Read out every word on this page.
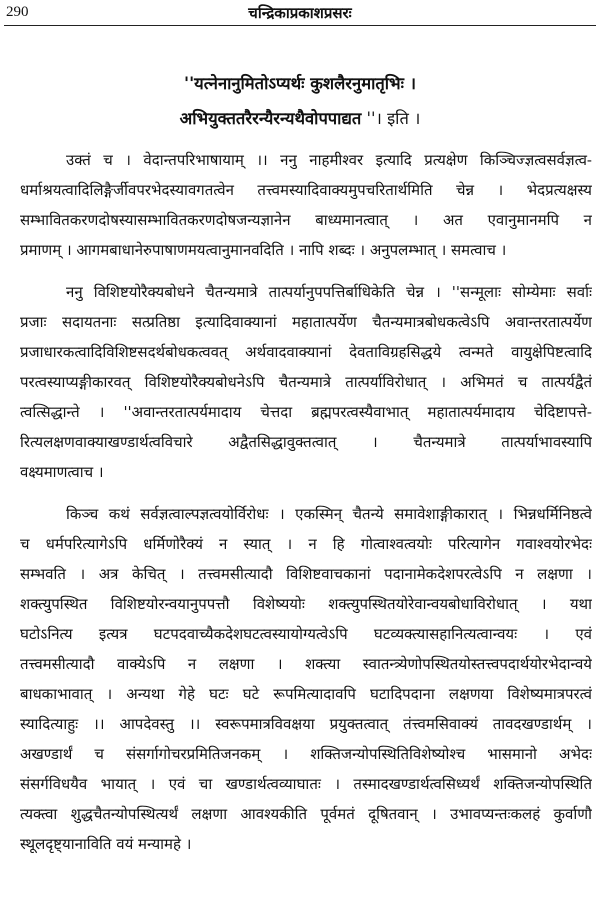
290	चन्द्रिकाप्रकाशप्रसरः
''यत्नेनानुमितोऽप्यर्थः कुशलैरनुमातृभिः ।
अभियुक्ततरैरन्यैरन्यथैवोपपाद्यत ''। इति ।
उक्तं च । वेदान्तपरिभाषायाम् ।। ननु नाहमीश्वर इत्यादि प्रत्यक्षेण किञ्चिज्ज्ञत्वसर्वज्ञत्व-
धर्माश्रयत्वादिलिङ्गैर्जीवपरभेदस्यावगतत्वेन तत्त्वमस्यादिवाक्यमुपचरितार्थमिति चेन्न । भेदप्रत्यक्षस्य
सम्भावितकरणदोषस्यासम्भावितकरणदोषजन्यज्ञानेन बाध्यमानत्वात् । अत एवानुमानमपि न
प्रमाणम् । आगमबाधानेरुपाषाणमयत्वानुमानवदिति । नापि शब्दः । अनुपलम्भात् । समत्वाच ।
ननु विशिष्टयोरैक्यबोधने चैतन्यमात्रे तात्पर्यानुपपत्तिर्बाधिकेति चेन्न । ''सन्मूलाः सोम्येमाः सर्वाः
प्रजाः सदायतनाः सत्प्रतिष्ठा इत्यादिवाक्यानां महातात्पर्येण चैतन्यमात्रबोधकत्वेऽपि अवान्तरतात्पर्येण
प्रजाधारकत्वादिविशिष्टसदर्थबोधकत्ववत् अर्थवादवाक्यानां देवताविग्रहसिद्धये त्वन्मते वायुक्षेपिष्टत्वादि
परत्वस्याप्यङ्गीकारवत् विशिष्टयोरैक्यबोधनेऽपि चैतन्यमात्रे तात्पर्याविरोधात् । अभिमतं च तात्पर्यद्वैतं
त्वत्सिद्धान्ते । ''अवान्तरतात्पर्यमादाय चेत्तदा ब्रह्मपरत्वस्यैवाभात् महातात्पर्यमादाय चेदिष्टापत्ते-
रित्यलक्षणवाक्याखण्डार्थत्वविचारे अद्वैतसिद्धावुक्तत्वात् । चैतन्यमात्रे तात्पर्याभावस्यापि
वक्ष्यमाणत्वाच ।
किञ्च कथं सर्वज्ञत्वाल्पज्ञत्वयोर्विरोधः । एकस्मिन् चैतन्ये समावेशाङ्गीकारात् । भिन्नधर्मिनिष्ठत्वे
च धर्मपरित्यागेऽपि धर्मिणोरैक्यं न स्यात् । न हि गोत्वाश्वत्वयोः परित्यागेन गवाश्वयोरभेदः
सम्भवति । अत्र केचित् । तत्त्वमसीत्यादौ विशिष्टवाचकानां पदानामेकदेशपरत्वेऽपि न लक्षणा ।
शक्त्युपस्थित विशिष्टयोरन्वयानुपपत्तौ विशेष्ययोः शक्त्युपस्थितयोरेवान्वयबोधाविरोधात् । यथा
घटोऽनित्य इत्यत्र घटपदवाच्यैकदेशघटत्वस्यायोग्यत्वेऽपि घटव्यक्त्यासहानित्यत्वान्वयः । एवं
तत्त्वमसीत्यादौ वाक्येऽपि न लक्षणा । शक्त्या स्वातन्त्र्येणोपस्थितयोस्तत्त्वपदार्थयोरभेदान्वये
बाधकाभावात् । अन्यथा गेहे घटः घटे रूपमित्यादावपि घटादिपदाना लक्षणया विशेष्यमात्रपरत्वं
स्यादित्याहुः ।। आपदेवस्तु ।। स्वरूपमात्रविवक्षया प्रयुक्तत्वात् तंत्त्वमसिवाक्यं तावदखण्डार्थम् ।
अखण्डार्थं च संसर्गागोचरप्रमितिजनकम् । शक्तिजन्योपस्थितिविशेष्योश्च भासमानो अभेदः
संसर्गविधयैव भायात् । एवं चा खण्डार्थत्वव्याघातः । तस्मादखण्डार्थत्वसिध्यर्थं शक्तिजन्योपस्थिति
त्यक्त्वा शुद्धचैतन्योपस्थित्यर्थं लक्षणा आवश्यकीति पूर्वमतं दूषितवान् । उभावप्यन्तःकलहं कुर्वाणौ
स्थूलदृष्ट्यानाविति वयं मन्यामहे ।
